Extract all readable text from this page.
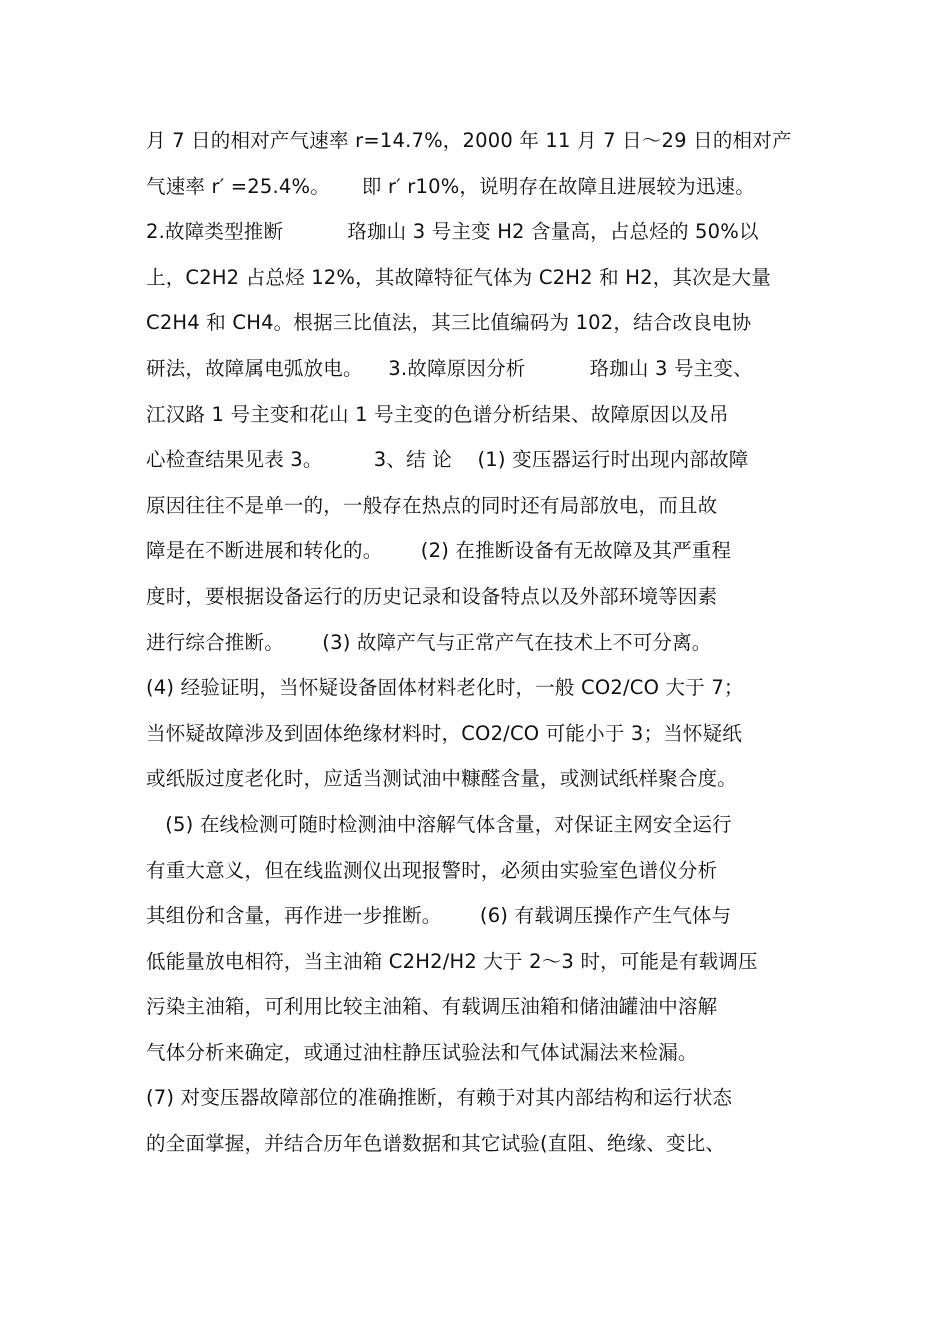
月 7 日的相对产气速率 r=14.7%，2000 年 11 月 7 日～29 日的相对产
气速率 r′ =25.4%。     即 r′ r10%，说明存在故障且进展较为迅速。
2.故障类型推断          珞珈山 3 号主变 H2 含量高，占总烃的 50%以
上，C2H2 占总烃 12%，其故障特征气体为 C2H2 和 H2，其次是大量
C2H4 和 CH4。根据三比值法，其三比值编码为 102，结合改良电协
研法，故障属电弧放电。    3.故障原因分析          珞珈山 3 号主变、
江汉路 1 号主变和花山 1 号主变的色谱分析结果、故障原因以及吊
心检查结果见表 3。        3、结 论    (1) 变压器运行时出现内部故障
原因往往不是单一的，一般存在热点的同时还有局部放电，而且故
障是在不断进展和转化的。      (2) 在推断设备有无故障及其严重程
度时，要根据设备运行的历史记录和设备特点以及外部环境等因素
进行综合推断。      (3) 故障产气与正常产气在技术上不可分离。
(4) 经验证明，当怀疑设备固体材料老化时，一般 CO2/CO 大于 7；
当怀疑故障涉及到固体绝缘材料时，CO2/CO 可能小于 3；当怀疑纸
或纸版过度老化时，应适当测试油中糠醛含量，或测试纸样聚合度。
(5) 在线检测可随时检测油中溶解气体含量，对保证主网安全运行
有重大意义，但在线监测仪出现报警时，必须由实验室色谱仪分析
其组份和含量，再作进一步推断。      (6) 有载调压操作产生气体与
低能量放电相符，当主油箱 C2H2/H2 大于 2～3 时，可能是有载调压
污染主油箱，可利用比较主油箱、有载调压油箱和储油罐油中溶解
气体分析来确定，或通过油柱静压试验法和气体试漏法来检漏。
(7) 对变压器故障部位的准确推断，有赖于对其内部结构和运行状态
的全面掌握，并结合历年色谱数据和其它试验(直阻、绝缘、变比、
